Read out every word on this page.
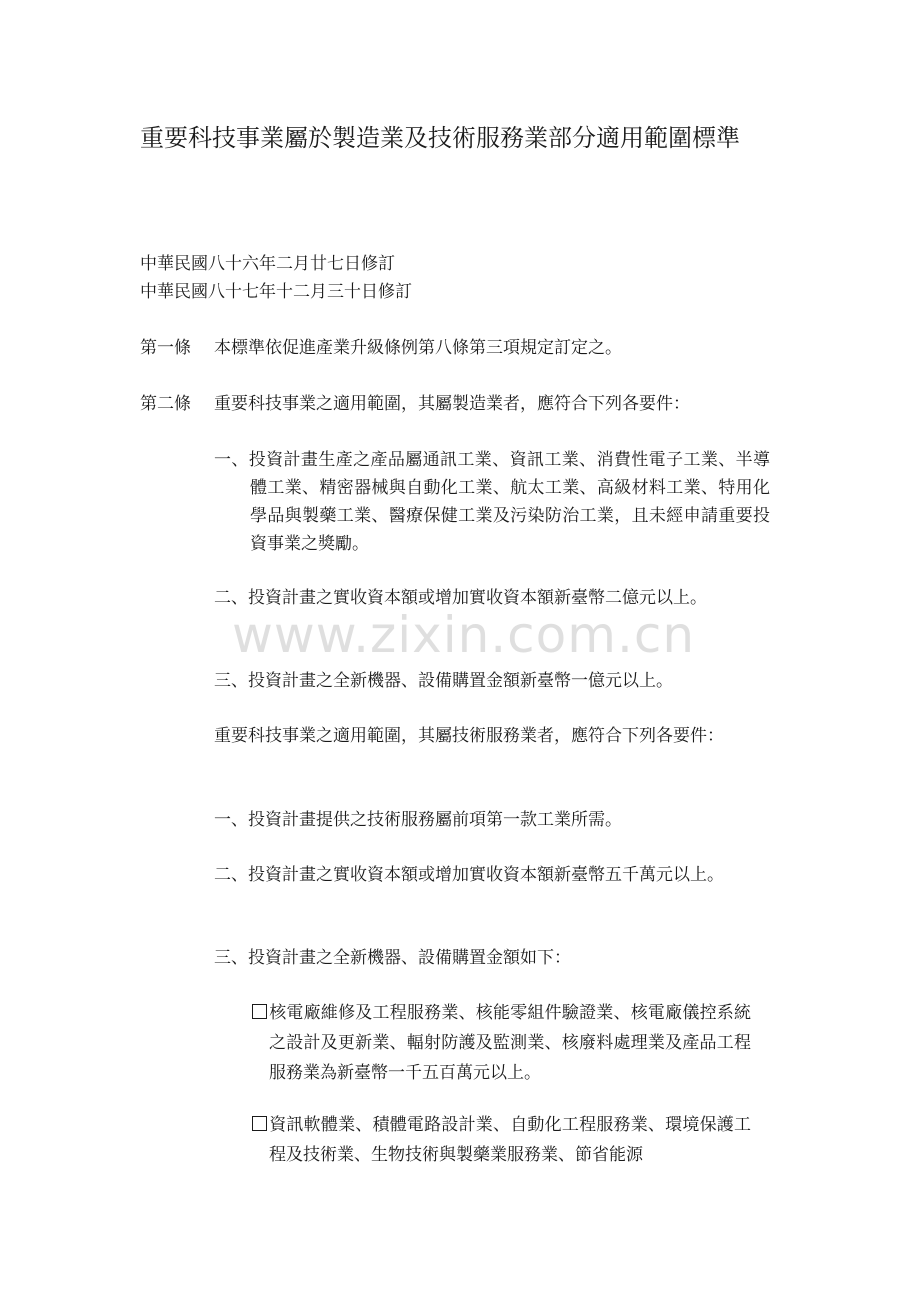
重要科技事業屬於製造業及技術服務業部分適用範圍標準
中華民國八十六年二月廿七日修訂
中華民國八十七年十二月三十日修訂
第一條 本標準依促進產業升級條例第八條第三項規定訂定之。
第二條 重要科技事業之適用範圍，其屬製造業者，應符合下列各要件：
一、投資計畫生產之產品屬通訊工業、資訊工業、消費性電子工業、半導體工業、精密器械與自動化工業、航太工業、高級材料工業、特用化學品與製藥工業、醫療保健工業及污染防治工業，且未經申請重要投資事業之獎勵。
二、投資計畫之實收資本額或增加實收資本額新臺幣二億元以上。
三、投資計畫之全新機器、設備購置金額新臺幣一億元以上。
重要科技事業之適用範圍，其屬技術服務業者，應符合下列各要件：
一、投資計畫提供之技術服務屬前項第一款工業所需。
二、投資計畫之實收資本額或增加實收資本額新臺幣五千萬元以上。
三、投資計畫之全新機器、設備購置金額如下：
核電廠維修及工程服務業、核能零組件驗證業、核電廠儀控系統之設計及更新業、輻射防護及監測業、核廢料處理業及產品工程服務業為新臺幣一千五百萬元以上。
資訊軟體業、積體電路設計業、自動化工程服務業、環境保護工程及技術業、生物技術與製藥業服務業、節省能源
www.zixin.com.cn
